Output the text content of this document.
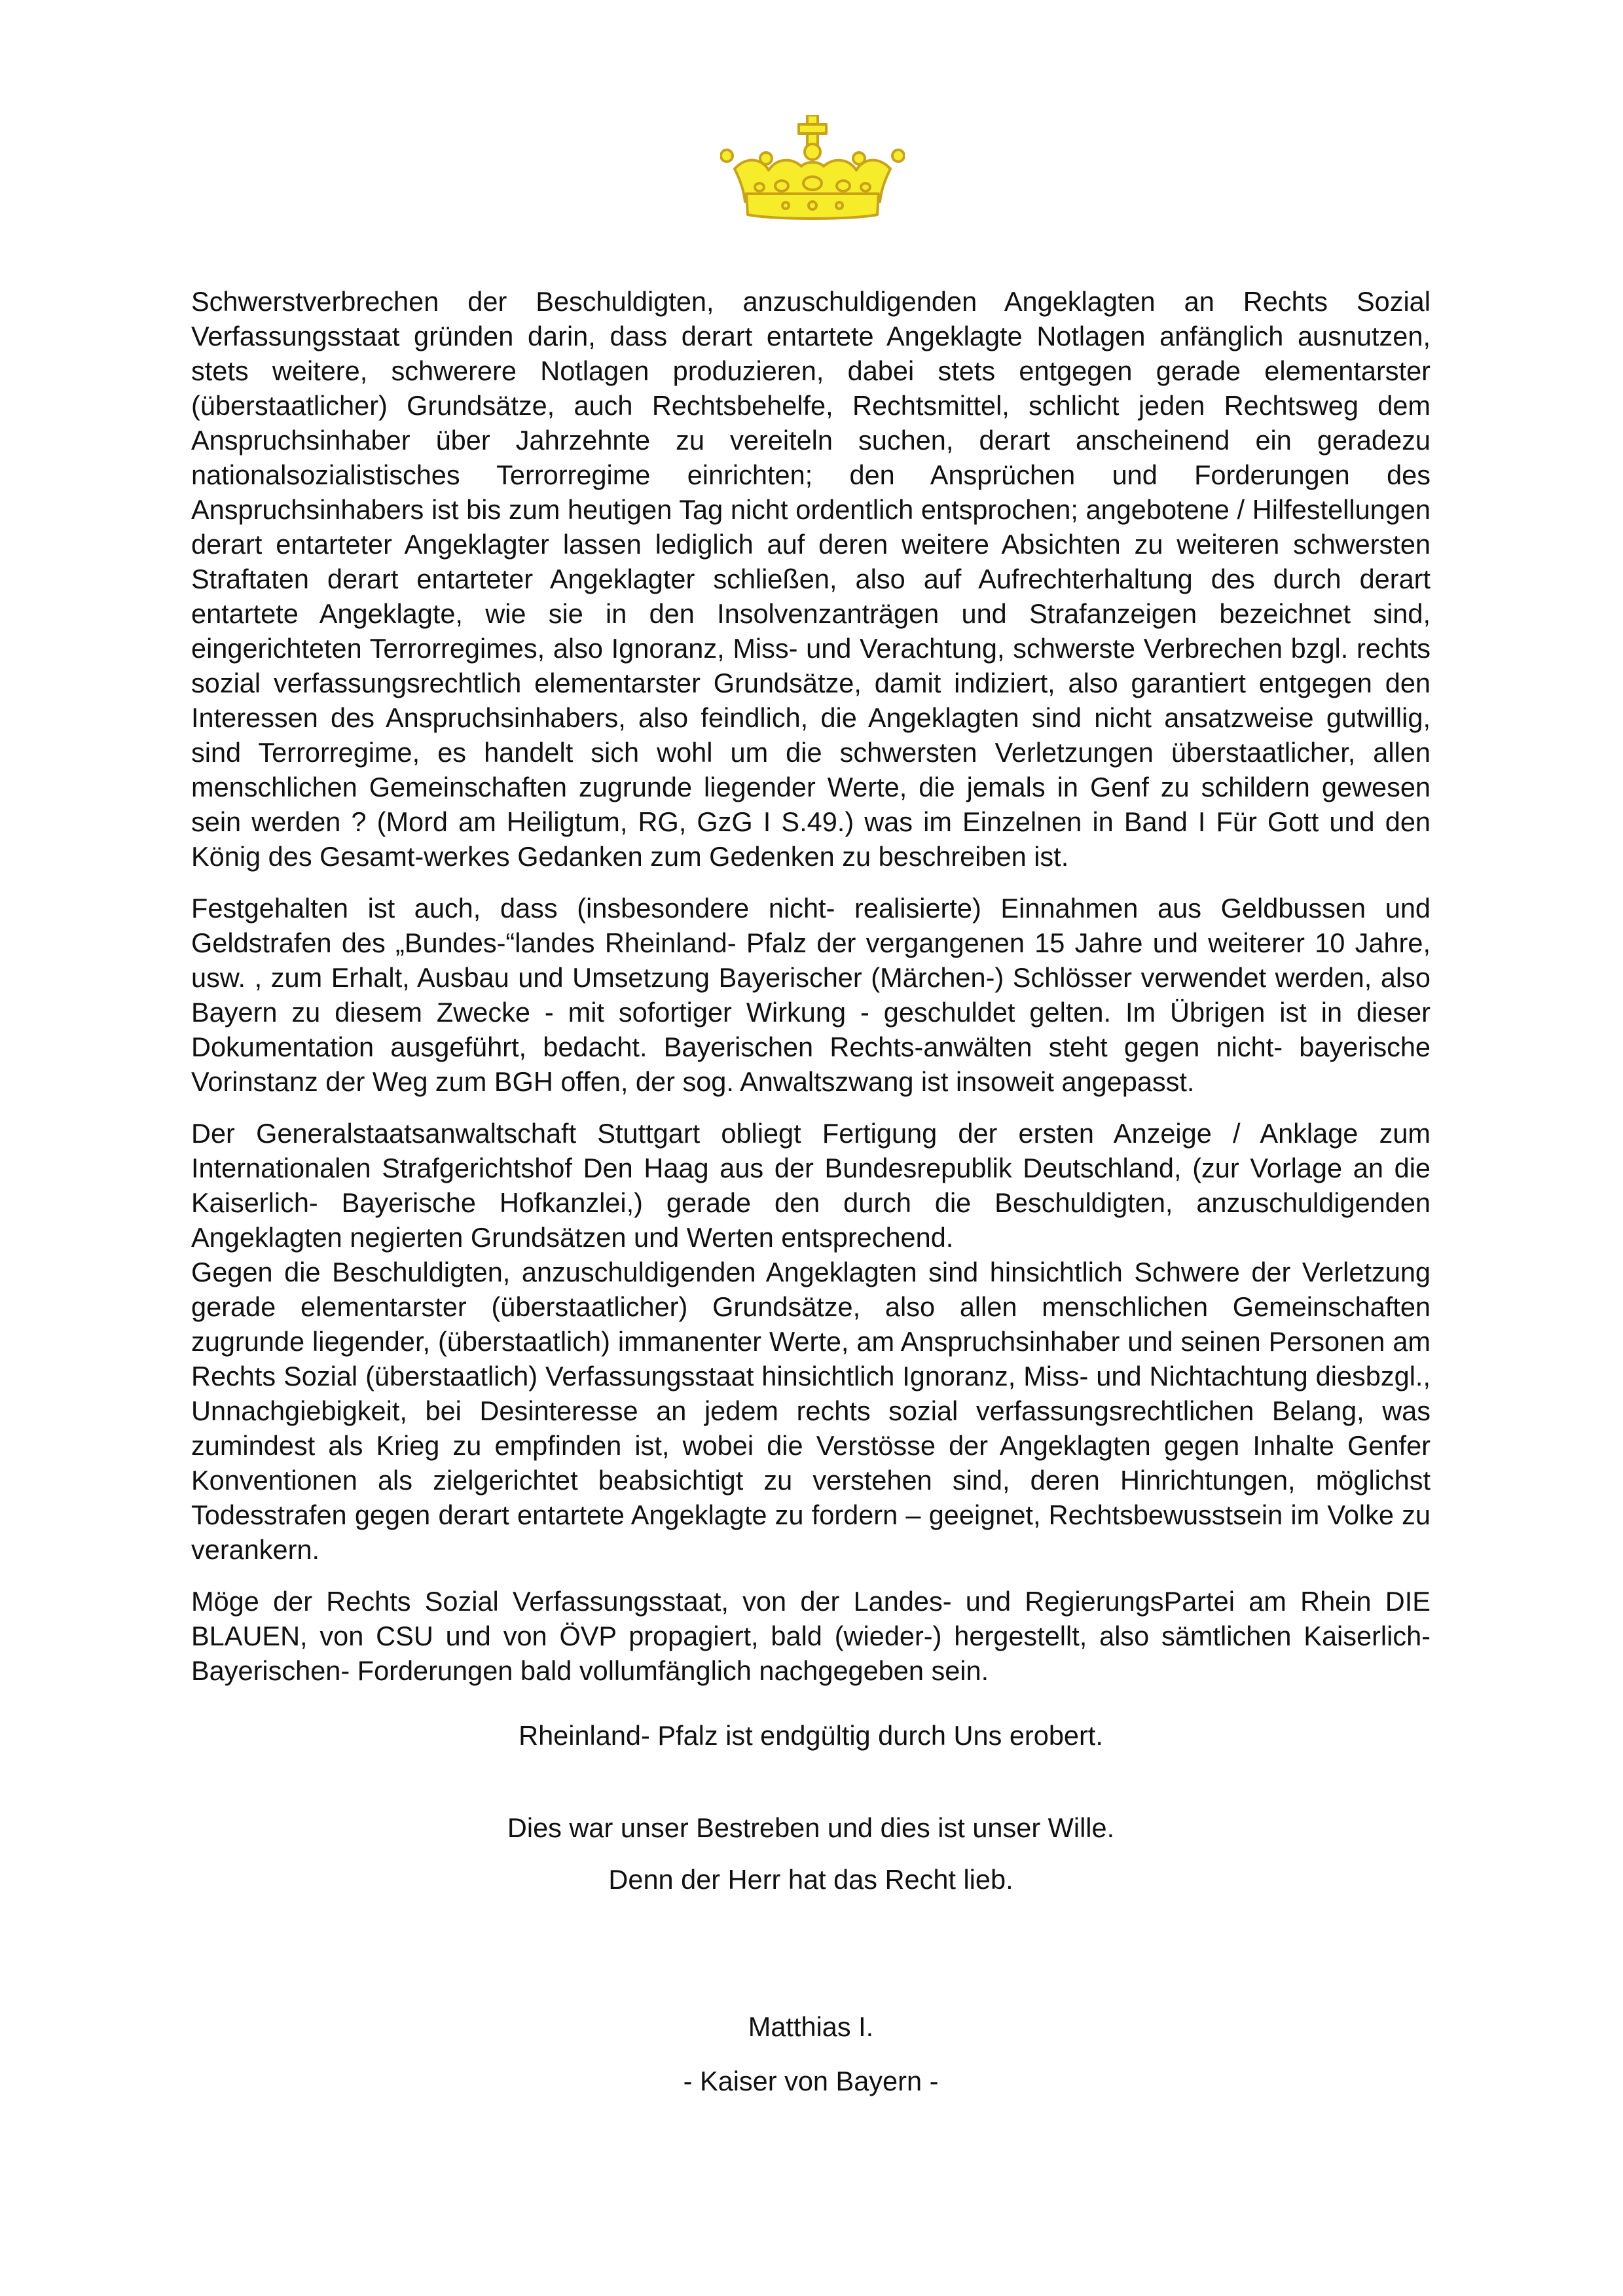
Schwerstverbrechen der Beschuldigten, anzuschuldigenden Angeklagten an Rechts Sozial Verfassungsstaat gründen darin, dass derart entartete Angeklagte Notlagen anfänglich ausnutzen, stets weitere, schwerere Notlagen produzieren, dabei stets entgegen gerade elementarster (überstaatlicher) Grundsätze, auch Rechtsbehelfe, Rechtsmittel, schlicht jeden Rechtsweg dem Anspruchsinhaber über Jahrzehnte zu vereiteln suchen, derart anscheinend ein geradezu nationalsozialistisches Terrorregime einrichten; den Ansprüchen und Forderungen des Anspruchsinhabers ist bis zum heutigen Tag nicht ordentlich entsprochen; angebotene / Hilfestellungen derart entarteter Angeklagter lassen lediglich auf deren weitere Absichten zu weiteren schwersten Straftaten derart entarteter Angeklagter schließen, also auf Aufrechterhaltung des durch derart entartete Angeklagte, wie sie in den Insolvenzanträgen und Strafanzeigen bezeichnet sind, eingerichteten Terrorregimes, also Ignoranz, Miss- und Verachtung, schwerste Verbrechen bzgl. rechts sozial verfassungsrechtlich elementarster Grundsätze, damit indiziert, also garantiert entgegen den Interessen des Anspruchsinhabers, also feindlich, die Angeklagten sind nicht ansatzweise gutwillig, sind Terrorregime, es handelt sich wohl um die schwersten Verletzungen überstaatlicher, allen menschlichen Gemeinschaften zugrunde liegender Werte, die jemals in Genf zu schildern gewesen sein werden ? (Mord am Heiligtum, RG, GzG I S.49.) was im Einzelnen in Band I Für Gott und den König des Gesamt-werkes Gedanken zum Gedenken zu beschreiben ist.

Festgehalten ist auch, dass (insbesondere nicht- realisierte) Einnahmen aus Geldbussen und Geldstrafen des „Bundes-“landes Rheinland- Pfalz der vergangenen 15 Jahre und weiterer 10 Jahre, usw. , zum Erhalt, Ausbau und Umsetzung Bayerischer (Märchen-) Schlösser verwendet werden, also Bayern zu diesem Zwecke - mit sofortiger Wirkung - geschuldet gelten. Im Übrigen ist in dieser Dokumentation ausgeführt, bedacht. Bayerischen Rechts-anwälten steht gegen nicht- bayerische Vorinstanz der Weg zum BGH offen, der sog. Anwaltszwang ist insoweit angepasst.

Der Generalstaatsanwaltschaft Stuttgart obliegt Fertigung der ersten Anzeige / Anklage zum Internationalen Strafgerichtshof Den Haag aus der Bundesrepublik Deutschland, (zur Vorlage an die Kaiserlich- Bayerische Hofkanzlei,) gerade den durch die Beschuldigten, anzuschuldigenden Angeklagten negierten Grundsätzen und Werten entsprechend.

Gegen die Beschuldigten, anzuschuldigenden Angeklagten sind hinsichtlich Schwere der Verletzung gerade elementarster (überstaatlicher) Grundsätze, also allen menschlichen Gemeinschaften zugrunde liegender, (überstaatlich) immanenter Werte, am Anspruchsinhaber und seinen Personen am Rechts Sozial (überstaatlich) Verfassungsstaat hinsichtlich Ignoranz, Miss- und Nichtachtung diesbzgl., Unnachgiebigkeit, bei Desinteresse an jedem rechts sozial verfassungsrechtlichen Belang, was zumindest als Krieg zu empfinden ist, wobei die Verstösse der Angeklagten gegen Inhalte Genfer Konventionen als zielgerichtet beabsichtigt zu verstehen sind, deren Hinrichtungen, möglichst Todesstrafen gegen derart entartete Angeklagte zu fordern – geeignet, Rechtsbewusstsein im Volke zu verankern.

Möge der Rechts Sozial Verfassungsstaat, von der Landes- und RegierungsPartei am Rhein DIE BLAUEN, von CSU und von ÖVP propagiert, bald (wieder-) hergestellt, also sämtlichen Kaiserlich- Bayerischen- Forderungen bald vollumfänglich nachgegeben sein.

Rheinland- Pfalz ist endgültig durch Uns erobert.

Dies war unser Bestreben und dies ist unser Wille.

Denn der Herr hat das Recht lieb.

Matthias I.

- Kaiser von Bayern -
